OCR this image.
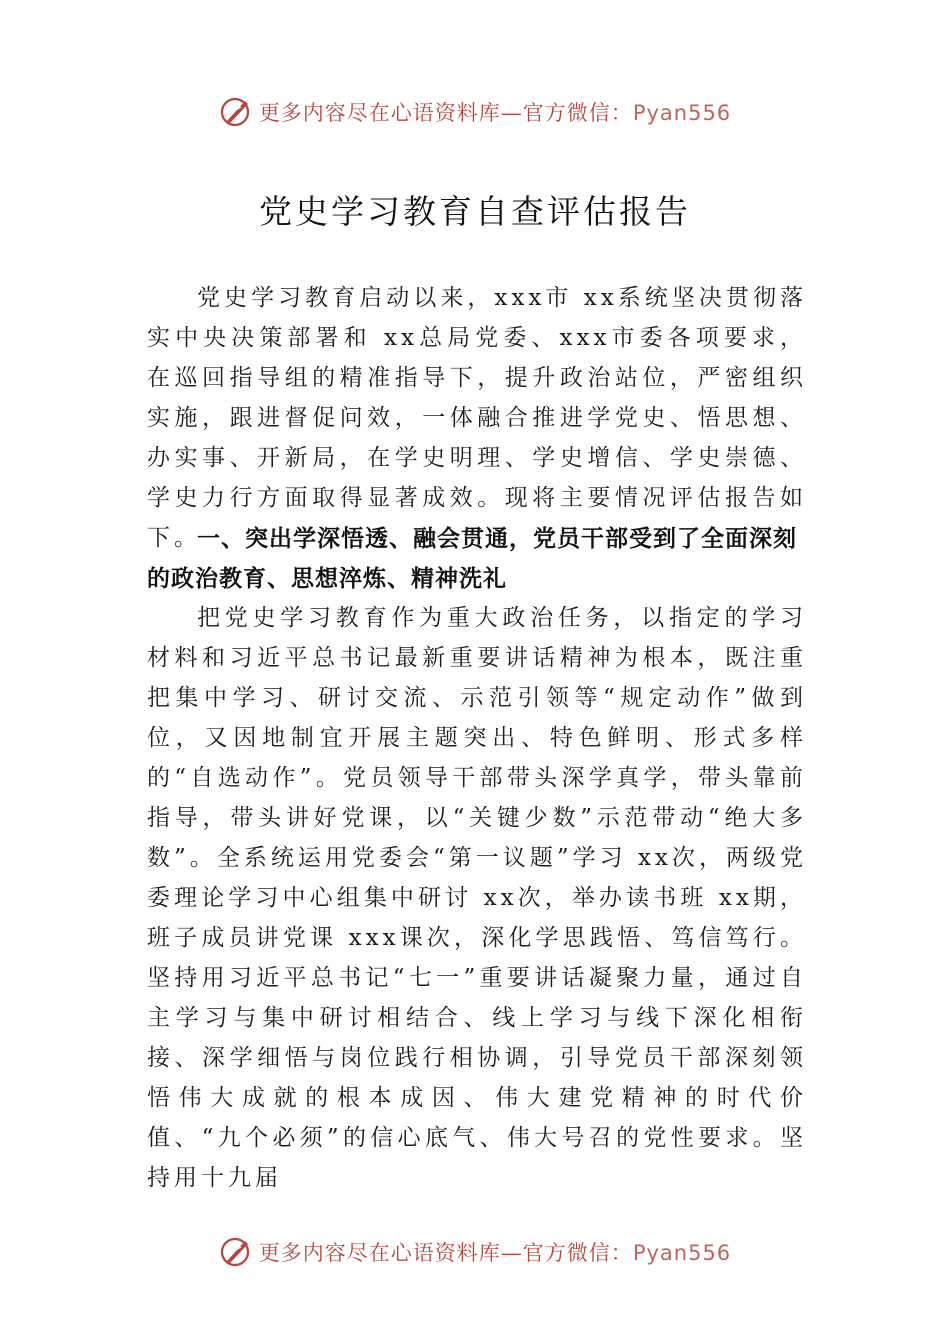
更多内容尽在心语资料库—官方微信：Pyan556
党史学习教育自查评估报告
党史学习教育启动以来，xxx市 xx系统坚决贯彻落实中央决策部署和 xx总局党委、xxx市委各项要求，在巡回指导组的精准指导下，提升政治站位，严密组织实施，跟进督促问效，一体融合推进学党史、悟思想、办实事、开新局，在学史明理、学史增信、学史崇德、学史力行方面取得显著成效。现将主要情况评估报告如下。
一、突出学深悟透、融会贯通，党员干部受到了全面深刻的政治教育、思想淬炼、精神洗礼
把党史学习教育作为重大政治任务，以指定的学习材料和习近平总书记最新重要讲话精神为根本，既注重把集中学习、研讨交流、示范引领等“规定动作”做到位，又因地制宜开展主题突出、特色鲜明、形式多样的“自选动作”。党员领导干部带头深学真学，带头靠前指导，带头讲好党课，以“关键少数”示范带动“绝大多数”。全系统运用党委会“第一议题”学习 xx次，两级党委理论学习中心组集中研讨 xx次，举办读书班 xx期，班子成员讲党课 xxx课次，深化学思践悟、笃信笃行。坚持用习近平总书记“七一”重要讲话凝聚力量，通过自主学习与集中研讨相结合、线上学习与线下深化相衔接、深学细悟与岗位践行相协调，引导党员干部深刻领悟伟大成就的根本成因、伟大建党精神的时代价值、“九个必须”的信心底气、伟大号召的党性要求。坚持用十九届
更多内容尽在心语资料库—官方微信：Pyan556
